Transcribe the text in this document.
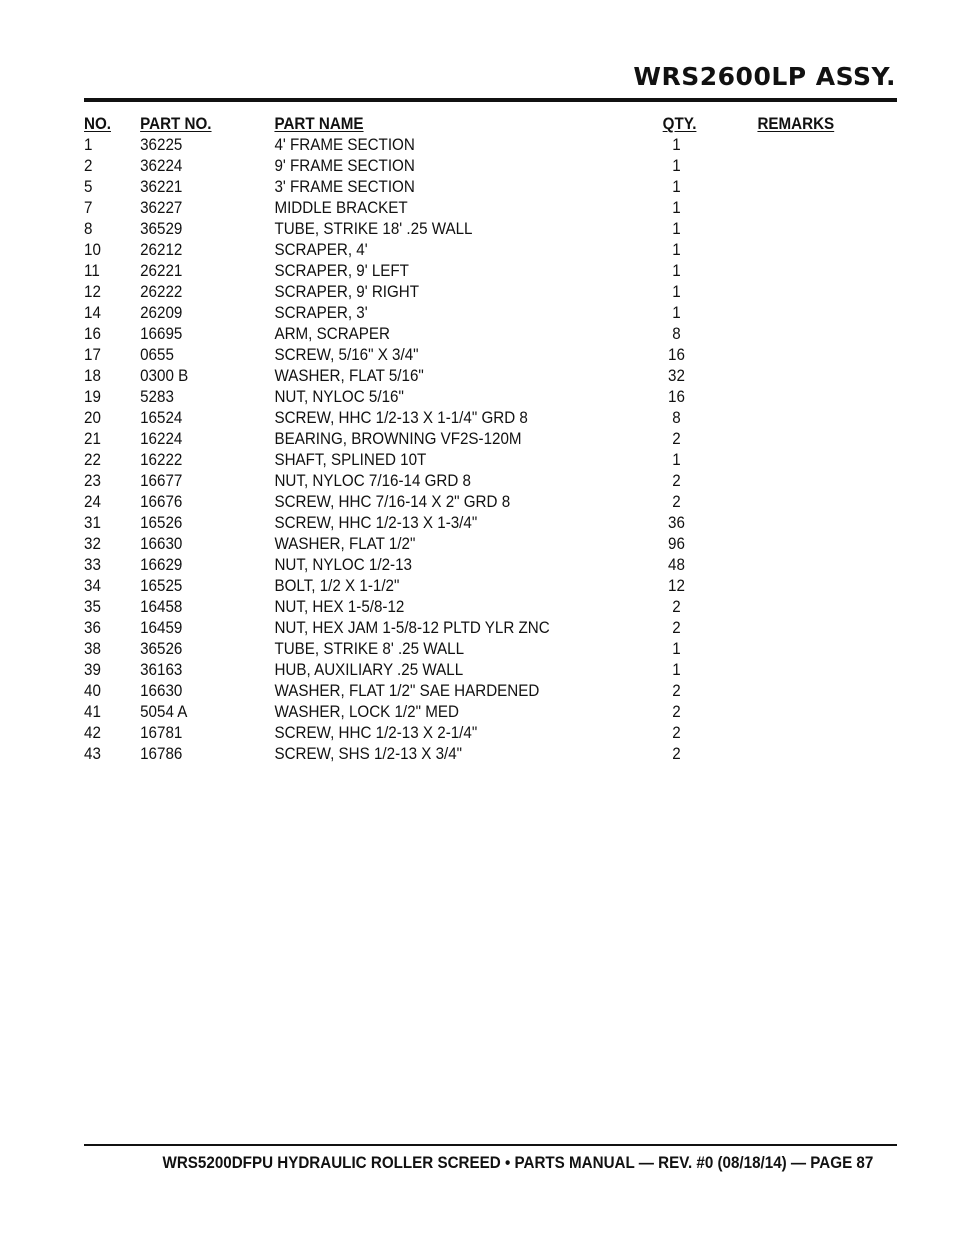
WRS2600LP ASSY.
NO. PART NO.	PART NAME	QTY.	REMARKS
1	36225	4' FRAME SECTION	1
2	36224	9' FRAME SECTION	1
5	36221	3' FRAME SECTION	1
7	36227	MIDDLE BRACKET	1
8	36529	TUBE, STRIKE 18' .25 WALL	1
10 26212	SCRAPER, 4'	1
11 26221	SCRAPER, 9' LEFT	1
12 26222	SCRAPER, 9' RIGHT	1
14 26209	SCRAPER, 3'	1
16 16695	ARM, SCRAPER	8
17 0655	SCREW, 5/16" X 3/4"	16
18 0300 B	WASHER, FLAT 5/16"	32
19 5283	NUT, NYLOC 5/16"	16
20 16524	SCREW, HHC 1/2-13 X 1-1/4" GRD 8	8
21 16224	BEARING, BROWNING VF2S-120M	2
22 16222	SHAFT, SPLINED 10T	1
23 16677	NUT, NYLOC 7/16-14 GRD 8	2
24 16676	SCREW, HHC 7/16-14 X 2" GRD 8	2
31 16526	SCREW, HHC 1/2-13 X 1-3/4"	36
32 16630	WASHER, FLAT 1/2"	96
33 16629	NUT, NYLOC 1/2-13	48
34 16525	BOLT, 1/2 X 1-1/2"	12
35 16458	NUT, HEX 1-5/8-12	2
36 16459	NUT, HEX JAM 1-5/8-12 PLTD YLR ZNC	2
38 36526	TUBE, STRIKE 8' .25 WALL	1
39 36163	HUB, AUXILIARY .25 WALL	1
40 16630	WASHER, FLAT 1/2" SAE HARDENED	2
41 5054 A	WASHER, LOCK 1/2" MED	2
42 16781	SCREW, HHC 1/2-13 X 2-1/4"	2
43 16786	SCREW, SHS 1/2-13 X 3/4"	2

WRS5200DFPU HYDRAULIC ROLLER SCREED • PARTS MANUAL — REV. #0 (08/18/14) — PAGE 87
